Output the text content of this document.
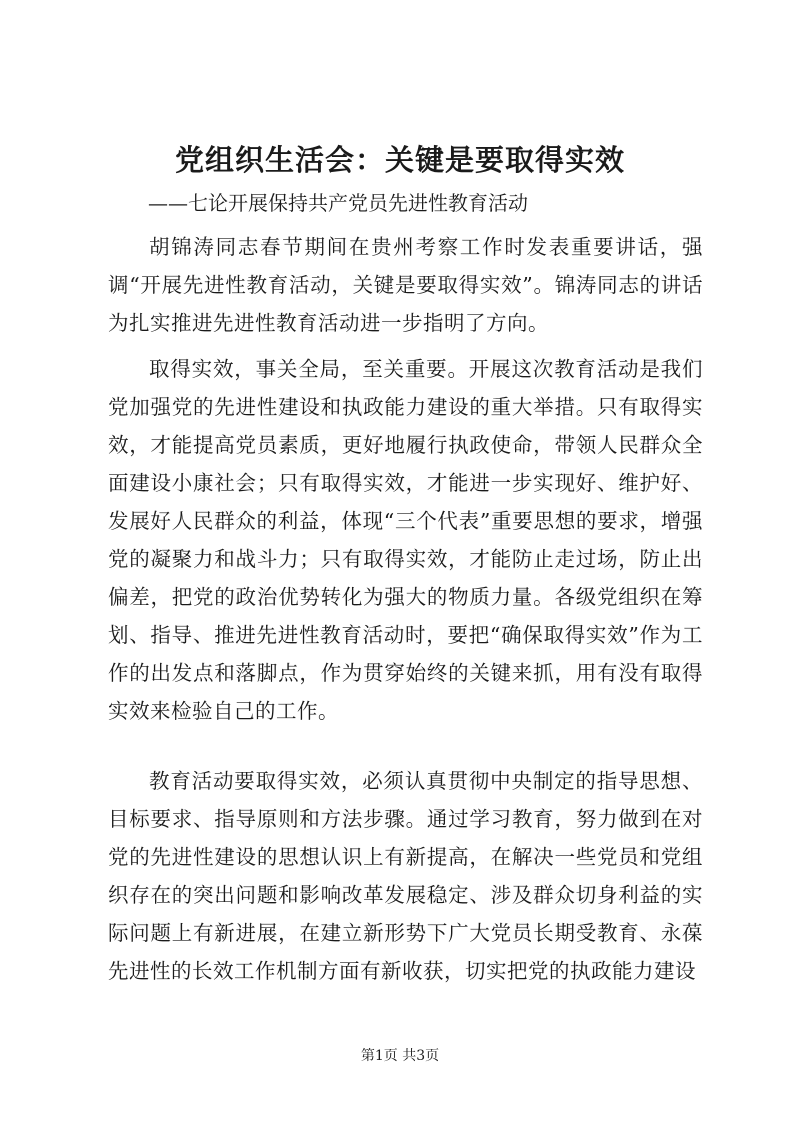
党组织生活会：关键是要取得实效

——七论开展保持共产党员先进性教育活动

胡锦涛同志春节期间在贵州考察工作时发表重要讲话，强调“开展先进性教育活动，关键是要取得实效”。锦涛同志的讲话为扎实推进先进性教育活动进一步指明了方向。

取得实效，事关全局，至关重要。开展这次教育活动是我们党加强党的先进性建设和执政能力建设的重大举措。只有取得实效，才能提高党员素质，更好地履行执政使命，带领人民群众全面建设小康社会；只有取得实效，才能进一步实现好、维护好、发展好人民群众的利益，体现“三个代表”重要思想的要求，增强党的凝聚力和战斗力；只有取得实效，才能防止走过场，防止出偏差，把党的政治优势转化为强大的物质力量。各级党组织在筹划、指导、推进先进性教育活动时，要把“确保取得实效”作为工作的出发点和落脚点，作为贯穿始终的关键来抓，用有没有取得实效来检验自己的工作。

教育活动要取得实效，必须认真贯彻中央制定的指导思想、目标要求、指导原则和方法步骤。通过学习教育，努力做到在对党的先进性建设的思想认识上有新提高，在解决一些党员和党组织存在的突出问题和影响改革发展稳定、涉及群众切身利益的实际问题上有新进展，在建立新形势下广大党员长期受教育、永葆先进性的长效工作机制方面有新收获，切实把党的执政能力建设

第1页 共3页
